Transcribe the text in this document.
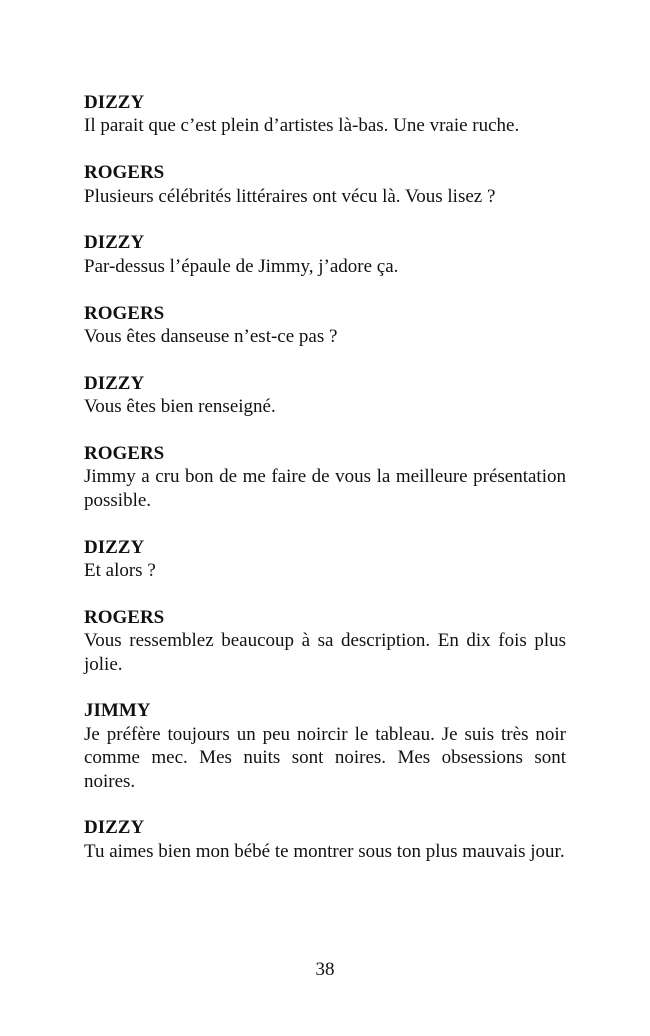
DIZZY
Il parait que c’est plein d’artistes là-bas. Une vraie ruche.
ROGERS
Plusieurs célébrités littéraires ont vécu là. Vous lisez ?
DIZZY
Par-dessus l’épaule de Jimmy, j’adore ça.
ROGERS
Vous êtes danseuse n’est-ce pas ?
DIZZY
Vous êtes bien renseigné.
ROGERS
Jimmy a cru bon de me faire de vous la meilleure présentation possible.
DIZZY
Et alors ?
ROGERS
Vous ressemblez beaucoup à sa description. En dix fois plus jolie.
JIMMY
Je préfère toujours un peu noircir le tableau. Je suis très noir comme mec. Mes nuits sont noires. Mes obsessions sont noires.
DIZZY
Tu aimes bien mon bébé te montrer sous ton plus mauvais jour.
38
